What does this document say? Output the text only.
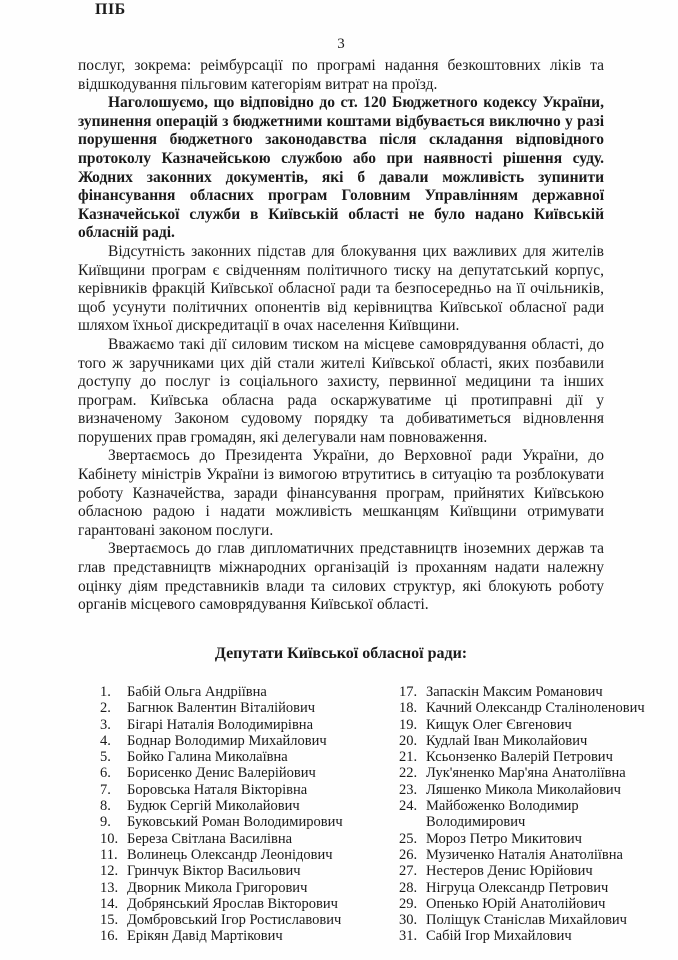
ПІБ
3

послуг, зокрема: реімбурсації по програмі надання безкоштовних ліків та відшкодування пільговим категоріям витрат на проїзд.

Наголошуємо, що відповідно до ст. 120 Бюджетного кодексу України, зупинення операцій з бюджетними коштами відбувається виключно у разі порушення бюджетного законодавства після складання відповідного протоколу Казначейською службою або при наявності рішення суду. Жодних законних документів, які б давали можливість зупинити фінансування обласних програм Головним Управлінням державної Казначейської служби в Київській області не було надано Київській обласній раді.

Відсутність законних підстав для блокування цих важливих для жителів Київщини програм є свідченням політичного тиску на депутатський корпус, керівників фракцій Київської обласної ради та безпосередньо на її очільників, щоб усунути політичних опонентів від керівництва Київської обласної ради шляхом їхньої дискредитації в очах населення Київщини.

Вважаємо такі дії силовим тиском на місцеве самоврядування області, до того ж заручниками цих дій стали жителі Київської області, яких позбавили доступу до послуг із соціального захисту, первинної медицини та інших програм. Київська обласна рада оскаржуватиме ці протиправні дії у визначеному Законом судовому порядку та добиватиметься відновлення порушених прав громадян, які делегували нам повноваження.

Звертаємось до Президента України, до Верховної ради України, до Кабінету міністрів України із вимогою втрутитись в ситуацію та розблокувати роботу Казначейства, заради фінансування програм, прийнятих Київською обласною радою і надати можливість мешканцям Київщини отримувати гарантовані законом послуги.

Звертаємось до глав дипломатичних представництв іноземних держав та глав представництв міжнародних організацій із проханням надати належну оцінку діям представників влади та силових структур, які блокують роботу органів місцевого самоврядування Київської області.

Депутати Київської обласної ради:
1.	Бабій Ольга Андріївна
2.	Багнюк Валентин Віталійович
3.	Бігарі Наталія Володимирівна
4.	Боднар Володимир Михайлович
5.	Бойко Галина Миколаївна
6.	Борисенко Денис Валерійович
7.	Боровська Наталя Вікторівна
8.	Будюк Сергій Миколайович
9.	Буковський Роман Володимирович
10. Береза Світлана Василівна
11. Волинець Олександр Леонідович
12. Гринчук Віктор Васильович
13. Дворник Микола Григорович
14. Добрянський Ярослав Вікторович
15. Домбровський Ігор Ростиславович
16. Ерікян Давід Мартікович
17. Запаскін Максим Романович
18. Качний Олександр Сталіноленович
19. Кищук Олег Євгенович
20. Кудлай Іван Миколайович
21. Ксьонзенко Валерій Петрович
22. Лук'яненко Мар'яна Анатоліївна
23. Ляшенко Микола Миколайович
24. Майбоженко Володимир Володимирович
25. Мороз Петро Микитович
26. Музиченко Наталія Анатоліївна
27. Нестеров Денис Юрійович
28. Нігруца Олександр Петрович
29. Опенько Юрій Анатолійович
30. Поліщук Станіслав Михайлович
31. Сабій Ігор Михайлович
